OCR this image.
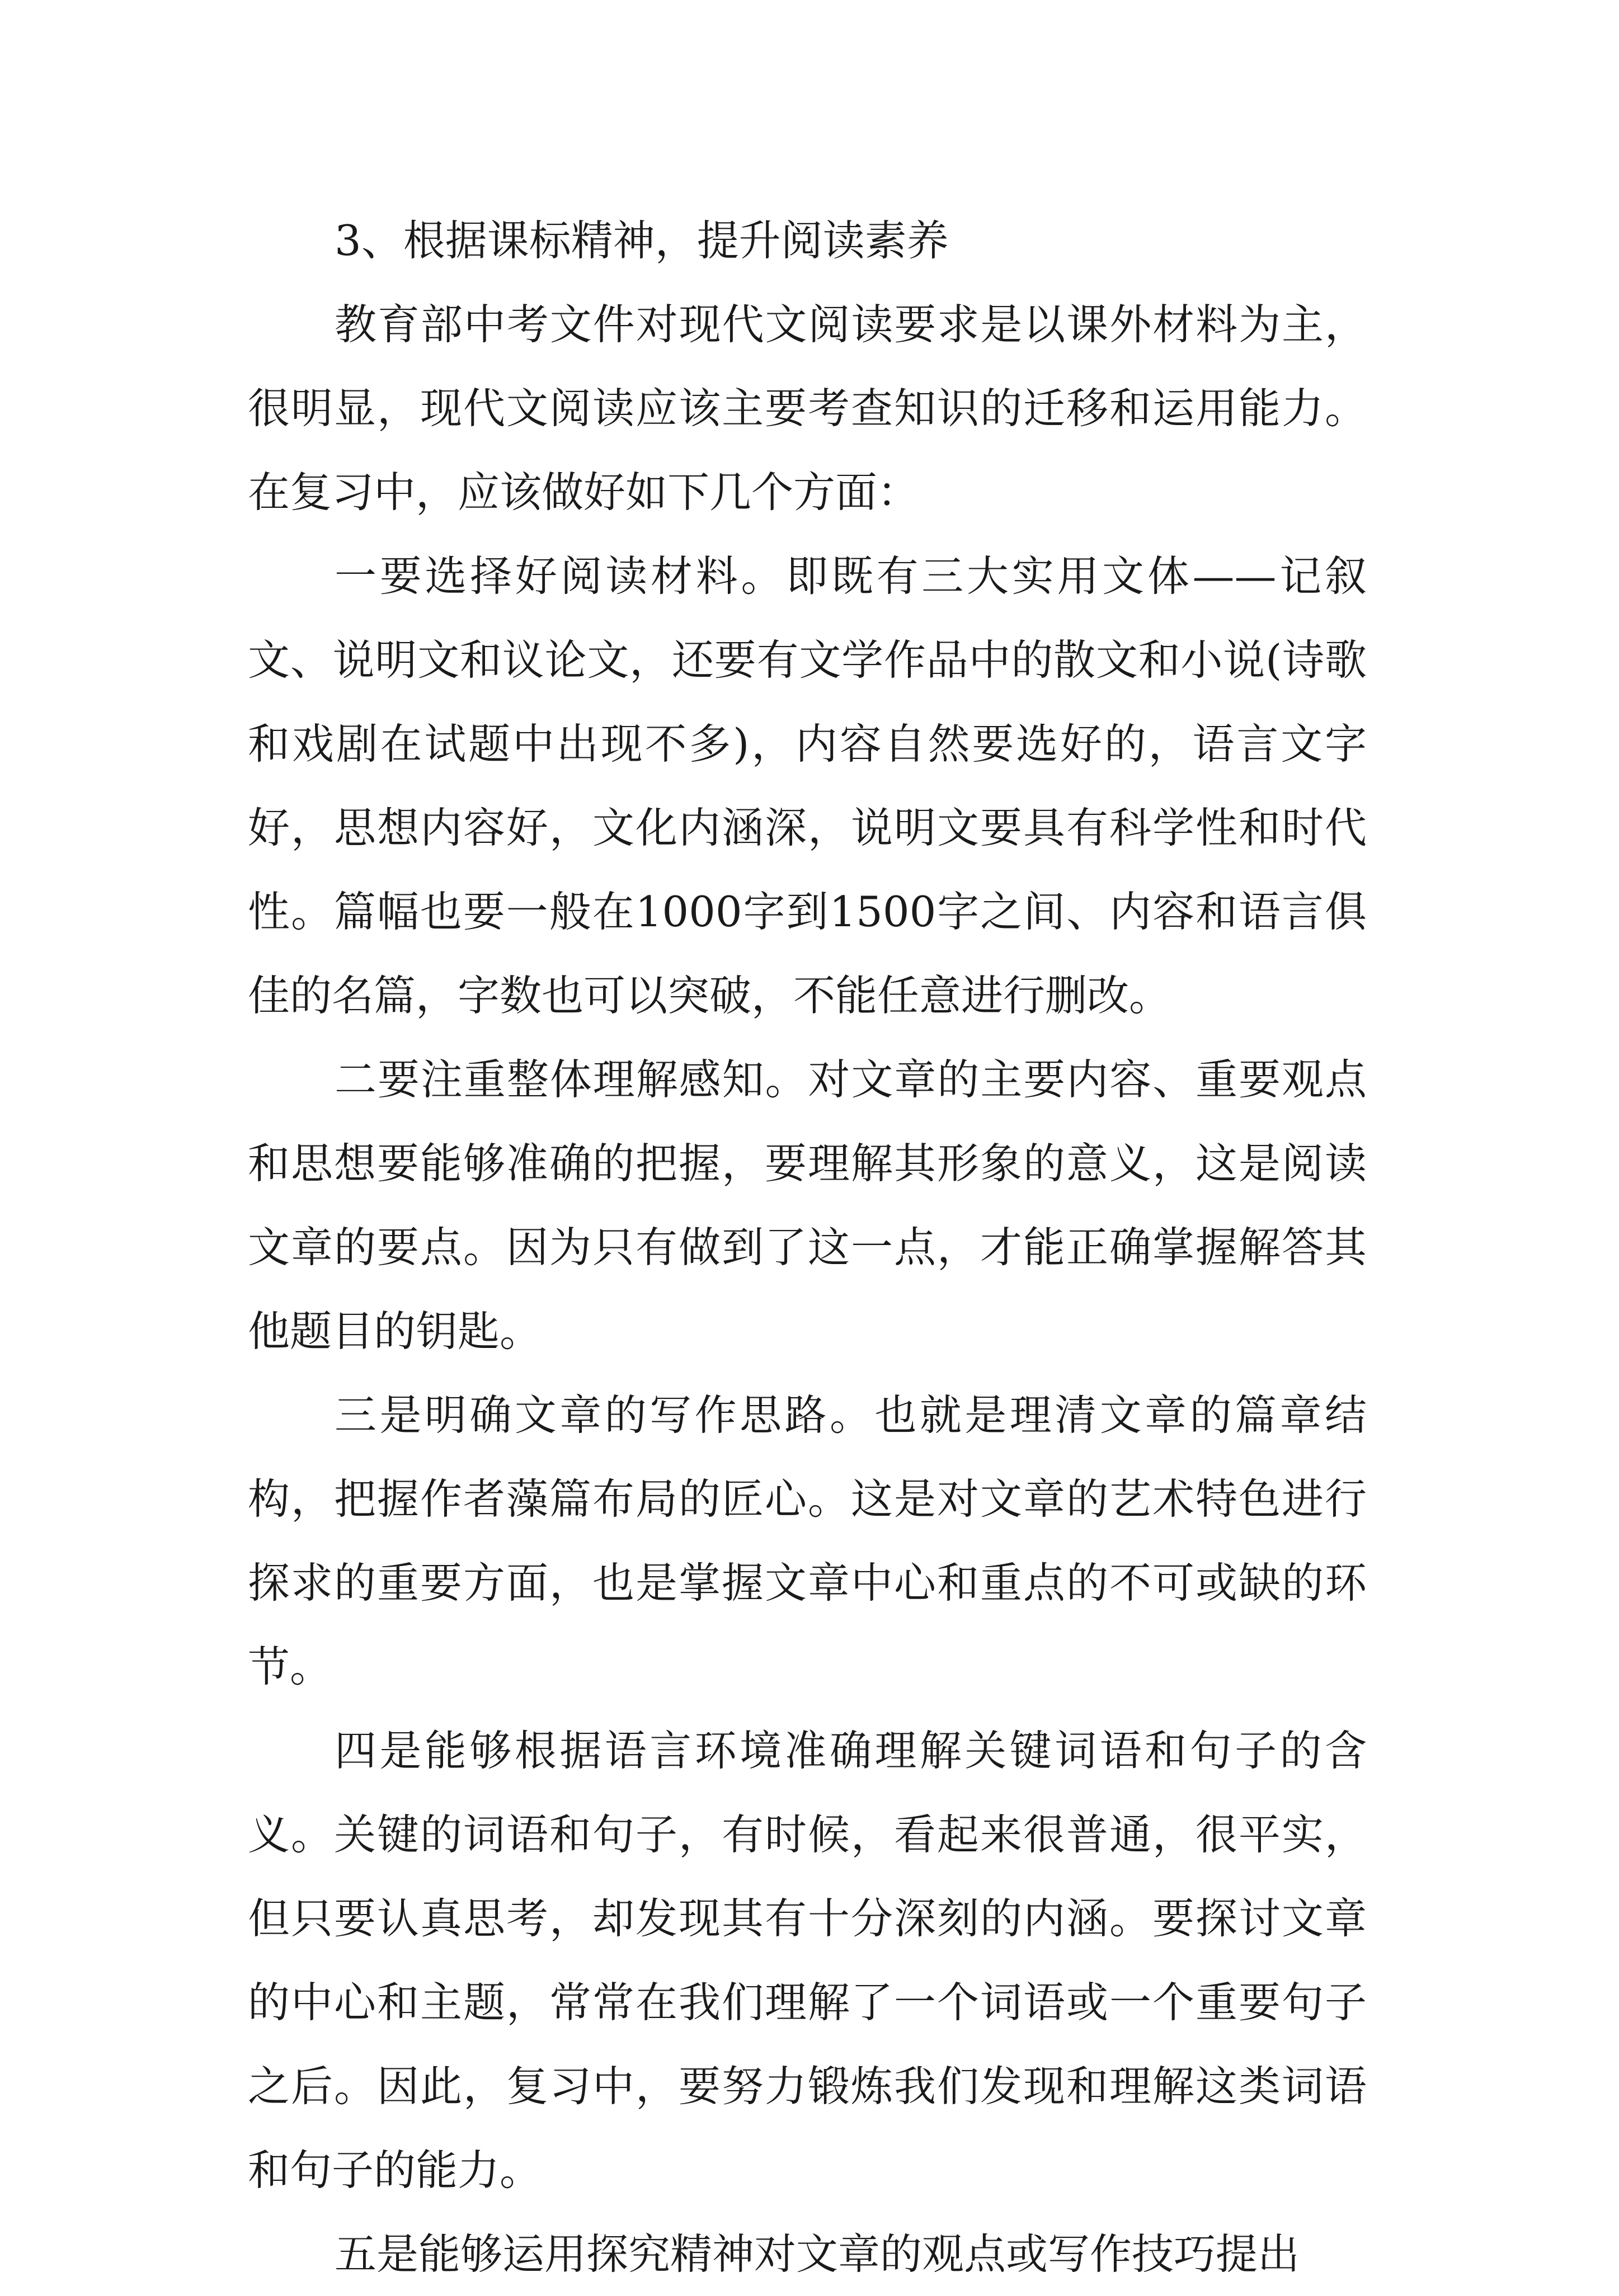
3、根据课标精神，提升阅读素养

教育部中考文件对现代文阅读要求是以课外材料为主，很明显，现代文阅读应该主要考查知识的迁移和运用能力。在复习中，应该做好如下几个方面：

一要选择好阅读材料。即既有三大实用文体——记叙文、说明文和议论文，还要有文学作品中的散文和小说(诗歌和戏剧在试题中出现不多)，内容自然要选好的，语言文字好，思想内容好，文化内涵深，说明文要具有科学性和时代性。篇幅也要一般在1000字到1500字之间、内容和语言俱佳的名篇，字数也可以突破，不能任意进行删改。

二要注重整体理解感知。对文章的主要内容、重要观点和思想要能够准确的把握，要理解其形象的意义，这是阅读文章的要点。因为只有做到了这一点，才能正确掌握解答其他题目的钥匙。

三是明确文章的写作思路。也就是理清文章的篇章结构，把握作者藻篇布局的匠心。这是对文章的艺术特色进行探求的重要方面，也是掌握文章中心和重点的不可或缺的环节。

四是能够根据语言环境准确理解关键词语和句子的含义。关键的词语和句子，有时候，看起来很普通，很平实，但只要认真思考，却发现其有十分深刻的内涵。要探讨文章的中心和主题，常常在我们理解了一个词语或一个重要句子之后。因此，复习中，要努力锻炼我们发现和理解这类词语和句子的能力。

五是能够运用探究精神对文章的观点或写作技巧提出
